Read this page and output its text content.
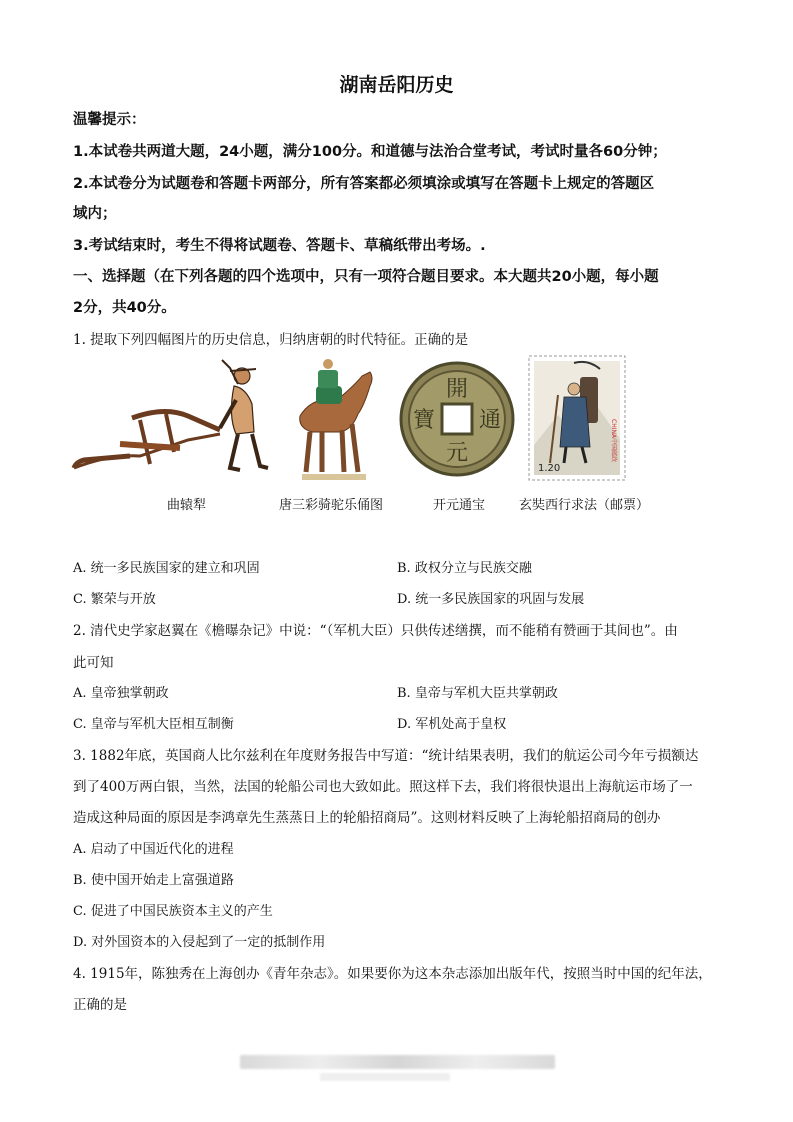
湖南岳阳历史
温馨提示：
1.本试卷共两道大题，24小题，满分100分。和道德与法治合堂考试，考试时量各60分钟；
2.本试卷分为试题卷和答题卡两部分，所有答案都必须填涂或填写在答题卡上规定的答题区
域内；
3.考试结束时，考生不得将试题卷、答题卡、草稿纸带出考场。.
一、选择题（在下列各题的四个选项中，只有一项符合题目要求。本大题共20小题，每小题
2分，共40分。
1. 提取下列四幅图片的历史信息，归纳唐朝的时代特征。正确的是
開
元
通
寶
1.20
CHINA中国邮政
曲辕犁	唐三彩骑驼乐俑图	开元通宝	玄奘西行求法（邮票）
A. 统一多民族国家的建立和巩固	B. 政权分立与民族交融
C. 繁荣与开放	D. 统一多民族国家的巩固与发展
2. 清代史学家赵翼在《檐曝杂记》中说：“（军机大臣）只供传述缮撰，而不能稍有赞画于其间也”。由
此可知
A. 皇帝独掌朝政	B. 皇帝与军机大臣共掌朝政
C. 皇帝与军机大臣相互制衡	D. 军机处高于皇权
3. 1882年底，英国商人比尔兹利在年度财务报告中写道：“统计结果表明，我们的航运公司今年亏损额达
到了400万两白银，当然，法国的轮船公司也大致如此。照这样下去，我们将很快退出上海航运市场了一
造成这种局面的原因是李鸿章先生蒸蒸日上的轮船招商局”。这则材料反映了上海轮船招商局的创办
A. 启动了中国近代化的进程
B. 使中国开始走上富强道路
C. 促进了中国民族资本主义的产生
D. 对外国资本的入侵起到了一定的抵制作用
4. 1915年，陈独秀在上海创办《青年杂志》。如果要你为这本杂志添加出版年代，按照当时中国的纪年法，
正确的是
